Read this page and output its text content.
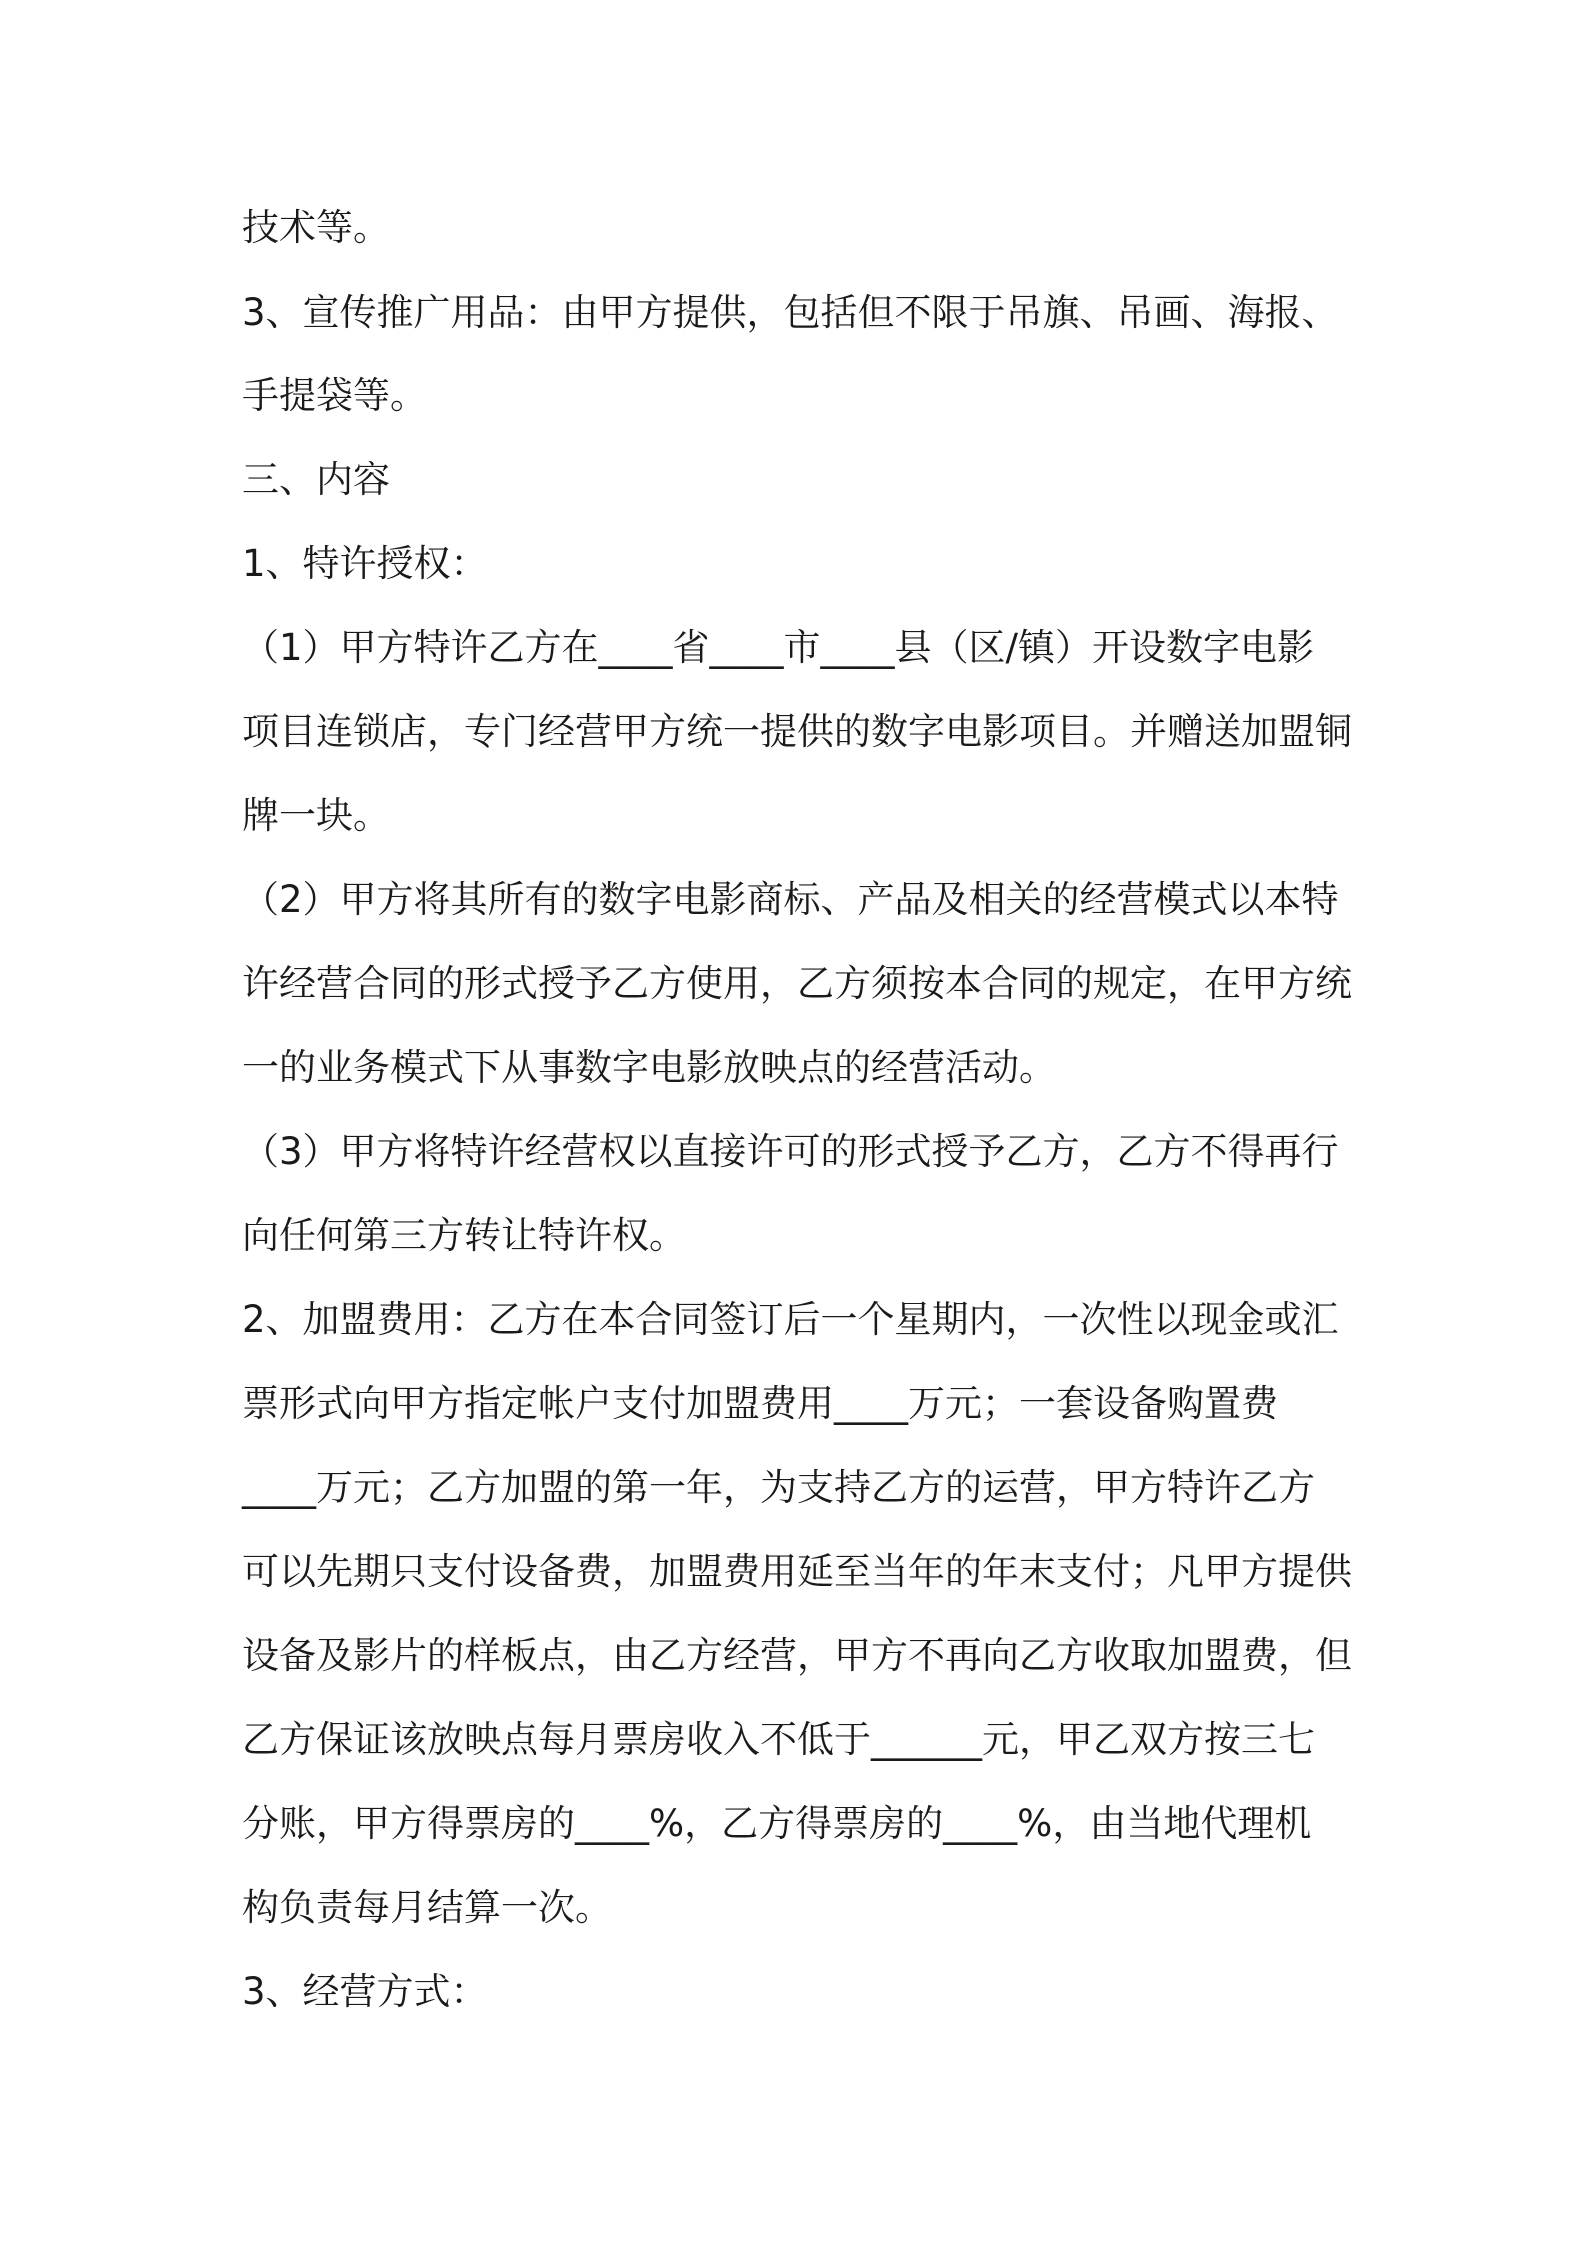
技术等。

3、宣传推广用品：由甲方提供，包括但不限于吊旗、吊画、海报、

手提袋等。

三、内容

1、特许授权：

（1）甲方特许乙方在____省____市____县（区/镇）开设数字电影

项目连锁店，专门经营甲方统一提供的数字电影项目。并赠送加盟铜

牌一块。

（2）甲方将其所有的数字电影商标、产品及相关的经营模式以本特

许经营合同的形式授予乙方使用，乙方须按本合同的规定，在甲方统

一的业务模式下从事数字电影放映点的经营活动。

（3）甲方将特许经营权以直接许可的形式授予乙方，乙方不得再行

向任何第三方转让特许权。

2、加盟费用：乙方在本合同签订后一个星期内，一次性以现金或汇

票形式向甲方指定帐户支付加盟费用____万元；一套设备购置费

____万元；乙方加盟的第一年，为支持乙方的运营，甲方特许乙方

可以先期只支付设备费，加盟费用延至当年的年末支付；凡甲方提供

设备及影片的样板点，由乙方经营，甲方不再向乙方收取加盟费，但

乙方保证该放映点每月票房收入不低于______元，甲乙双方按三七

分账，甲方得票房的____%，乙方得票房的____%，由当地代理机

构负责每月结算一次。

3、经营方式：
